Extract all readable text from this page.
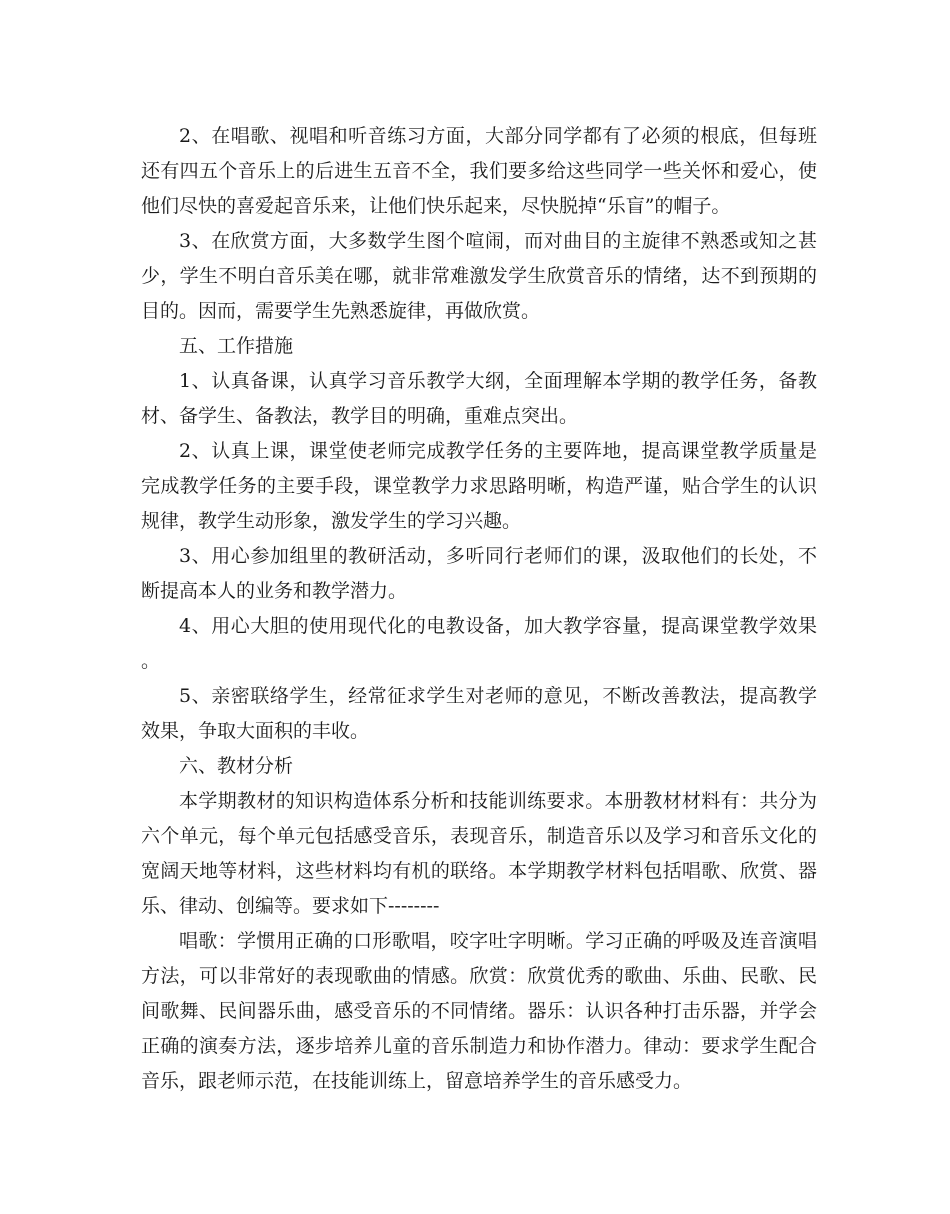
2、在唱歌、视唱和听音练习方面，大部分同学都有了必须的根底，但每班还有四五个音乐上的后进生五音不全，我们要多给这些同学一些关怀和爱心，使他们尽快的喜爱起音乐来，让他们快乐起来，尽快脱掉“乐盲”的帽子。

3、在欣赏方面，大多数学生图个喧闹，而对曲目的主旋律不熟悉或知之甚少，学生不明白音乐美在哪，就非常难激发学生欣赏音乐的情绪，达不到预期的目的。因而，需要学生先熟悉旋律，再做欣赏。

五、工作措施

1、认真备课，认真学习音乐教学大纲，全面理解本学期的教学任务，备教材、备学生、备教法，教学目的明确，重难点突出。

2、认真上课，课堂使老师完成教学任务的主要阵地，提高课堂教学质量是完成教学任务的主要手段，课堂教学力求思路明晰，构造严谨，贴合学生的认识规律，教学生动形象，激发学生的学习兴趣。

3、用心参加组里的教研活动，多听同行老师们的课，汲取他们的长处，不断提高本人的业务和教学潜力。

4、用心大胆的使用现代化的电教设备，加大教学容量，提高课堂教学效果。

5、亲密联络学生，经常征求学生对老师的意见，不断改善教法，提高教学效果，争取大面积的丰收。

六、教材分析

本学期教材的知识构造体系分析和技能训练要求。本册教材材料有：共分为六个单元，每个单元包括感受音乐，表现音乐，制造音乐以及学习和音乐文化的宽阔天地等材料，这些材料均有机的联络。本学期教学材料包括唱歌、欣赏、器乐、律动、创编等。要求如下--------

唱歌：学惯用正确的口形歌唱，咬字吐字明晰。学习正确的呼吸及连音演唱方法，可以非常好的表现歌曲的情感。欣赏：欣赏优秀的歌曲、乐曲、民歌、民间歌舞、民间器乐曲，感受音乐的不同情绪。器乐：认识各种打击乐器，并学会正确的演奏方法，逐步培养儿童的音乐制造力和协作潜力。律动：要求学生配合音乐，跟老师示范，在技能训练上，留意培养学生的音乐感受力。
